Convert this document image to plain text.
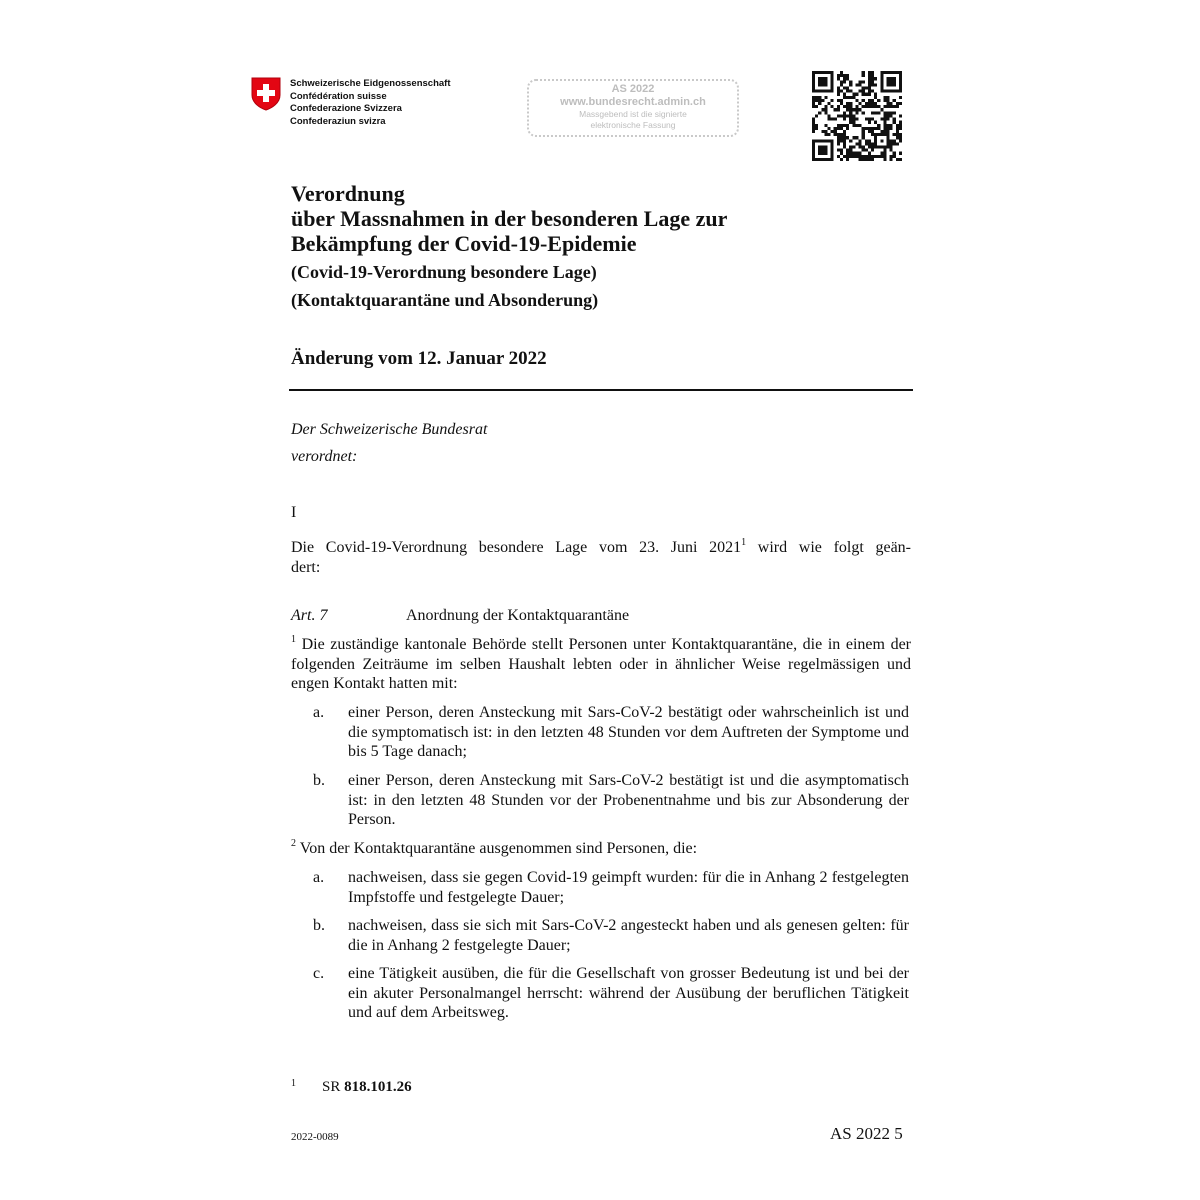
Schweizerische Eidgenossenschaft
Confédération suisse
Confederazione Svizzera
Confederaziun svizra
AS 2022
www.bundesrecht.admin.ch
Massgebend ist die signierte
elektronische Fassung
Verordnung
über Massnahmen in der besonderen Lage zur
Bekämpfung der Covid-19-Epidemie
(Covid-19-Verordnung besondere Lage)
(Kontaktquarantäne und Absonderung)
Änderung vom 12. Januar 2022
Der Schweizerische Bundesrat
verordnet:
I
Die Covid-19-Verordnung besondere Lage vom 23. Juni 2021$^1$ wird wie folgt geän-
dert:
Art. 7	Anordnung der Kontaktquarantäne
$^1$ Die zuständige kantonale Behörde stellt Personen unter Kontaktquarantäne, die in einem der folgenden Zeiträume im selben Haushalt lebten oder in ähnlicher Weise regelmässigen und engen Kontakt hatten mit:
a. einer Person, deren Ansteckung mit Sars-CoV-2 bestätigt oder wahrscheinlich ist und die symptomatisch ist: in den letzten 48 Stunden vor dem Auftreten der Symptome und bis 5 Tage danach;
b. einer Person, deren Ansteckung mit Sars-CoV-2 bestätigt ist und die asymptomatisch ist: in den letzten 48 Stunden vor der Probenentnahme und bis zur Absonderung der Person.
$^2$ Von der Kontaktquarantäne ausgenommen sind Personen, die:
a. nachweisen, dass sie gegen Covid-19 geimpft wurden: für die in Anhang 2 festgelegten Impfstoffe und festgelegte Dauer;
b. nachweisen, dass sie sich mit Sars-CoV-2 angesteckt haben und als genesen gelten: für die in Anhang 2 festgelegte Dauer;
c. eine Tätigkeit ausüben, die für die Gesellschaft von grosser Bedeutung ist und bei der ein akuter Personalmangel herrscht: während der Ausübung der beruflichen Tätigkeit und auf dem Arbeitsweg.
$^1$ SR 818.101.26
2022-0089	AS 2022 5
